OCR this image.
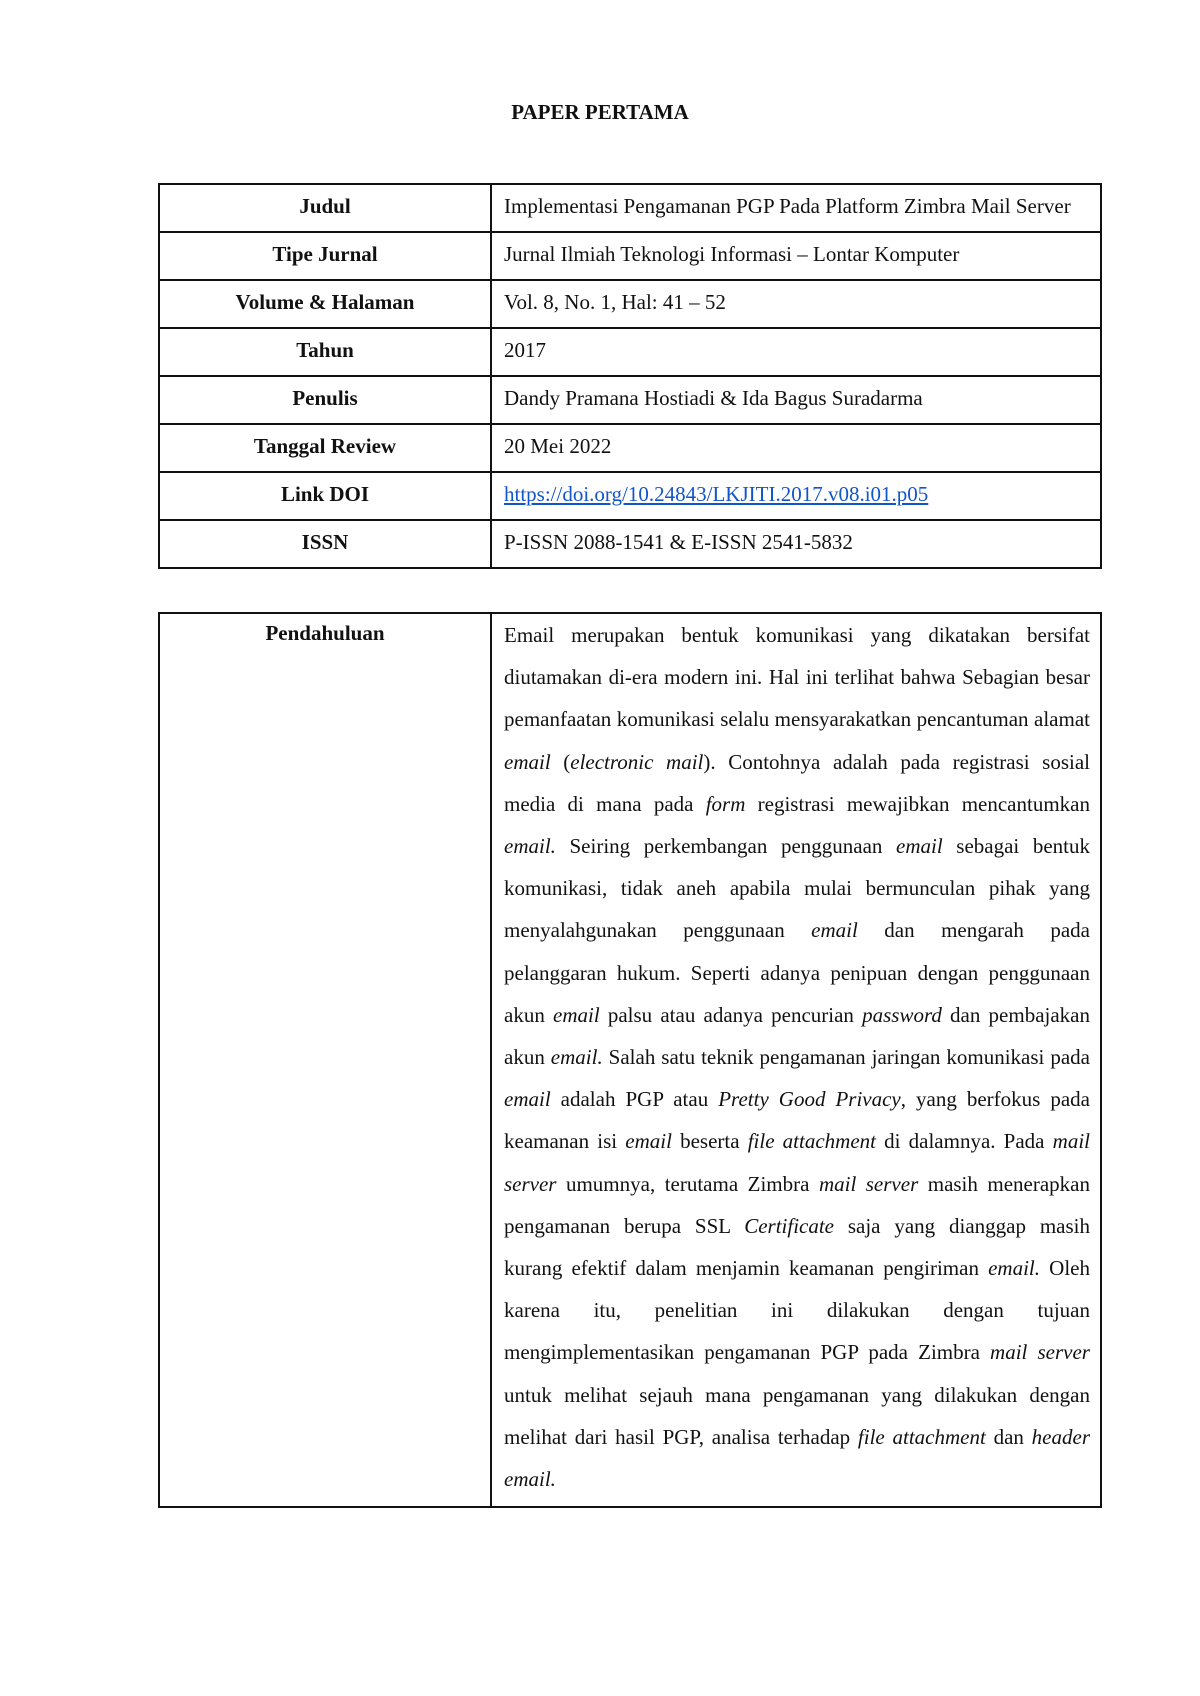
PAPER PERTAMA
Judul	Implementasi Pengamanan PGP Pada Platform Zimbra Mail Server
Tipe Jurnal	Jurnal Ilmiah Teknologi Informasi – Lontar Komputer
Volume & Halaman	Vol. 8, No. 1, Hal: 41 – 52
Tahun	2017
Penulis	Dandy Pramana Hostiadi & Ida Bagus Suradarma
Tanggal Review	20 Mei 2022
Link DOI	https://doi.org/10.24843/LKJITI.2017.v08.i01.p05
ISSN	P-ISSN 2088-1541 & E-ISSN 2541-5832
Pendahuluan	Email merupakan bentuk komunikasi yang dikatakan bersifat diutamakan di-era modern ini. Hal ini terlihat bahwa Sebagian besar pemanfaatan komunikasi selalu mensyarakatkan pencantuman alamat email (electronic mail). Contohnya adalah pada registrasi sosial media di mana pada form registrasi mewajibkan mencantumkan email. Seiring perkembangan penggunaan email sebagai bentuk komunikasi, tidak aneh apabila mulai bermunculan pihak yang menyalahgunakan penggunaan email dan mengarah pada pelanggaran hukum. Seperti adanya penipuan dengan penggunaan akun email palsu atau adanya pencurian password dan pembajakan akun email. Salah satu teknik pengamanan jaringan komunikasi pada email adalah PGP atau Pretty Good Privacy, yang berfokus pada keamanan isi email beserta file attachment di dalamnya. Pada mail server umumnya, terutama Zimbra mail server masih menerapkan pengamanan berupa SSL Certificate saja yang dianggap masih kurang efektif dalam menjamin keamanan pengiriman email. Oleh karena itu, penelitian ini dilakukan dengan tujuan mengimplementasikan pengamanan PGP pada Zimbra mail server untuk melihat sejauh mana pengamanan yang dilakukan dengan melihat dari hasil PGP, analisa terhadap file attachment dan header email.
